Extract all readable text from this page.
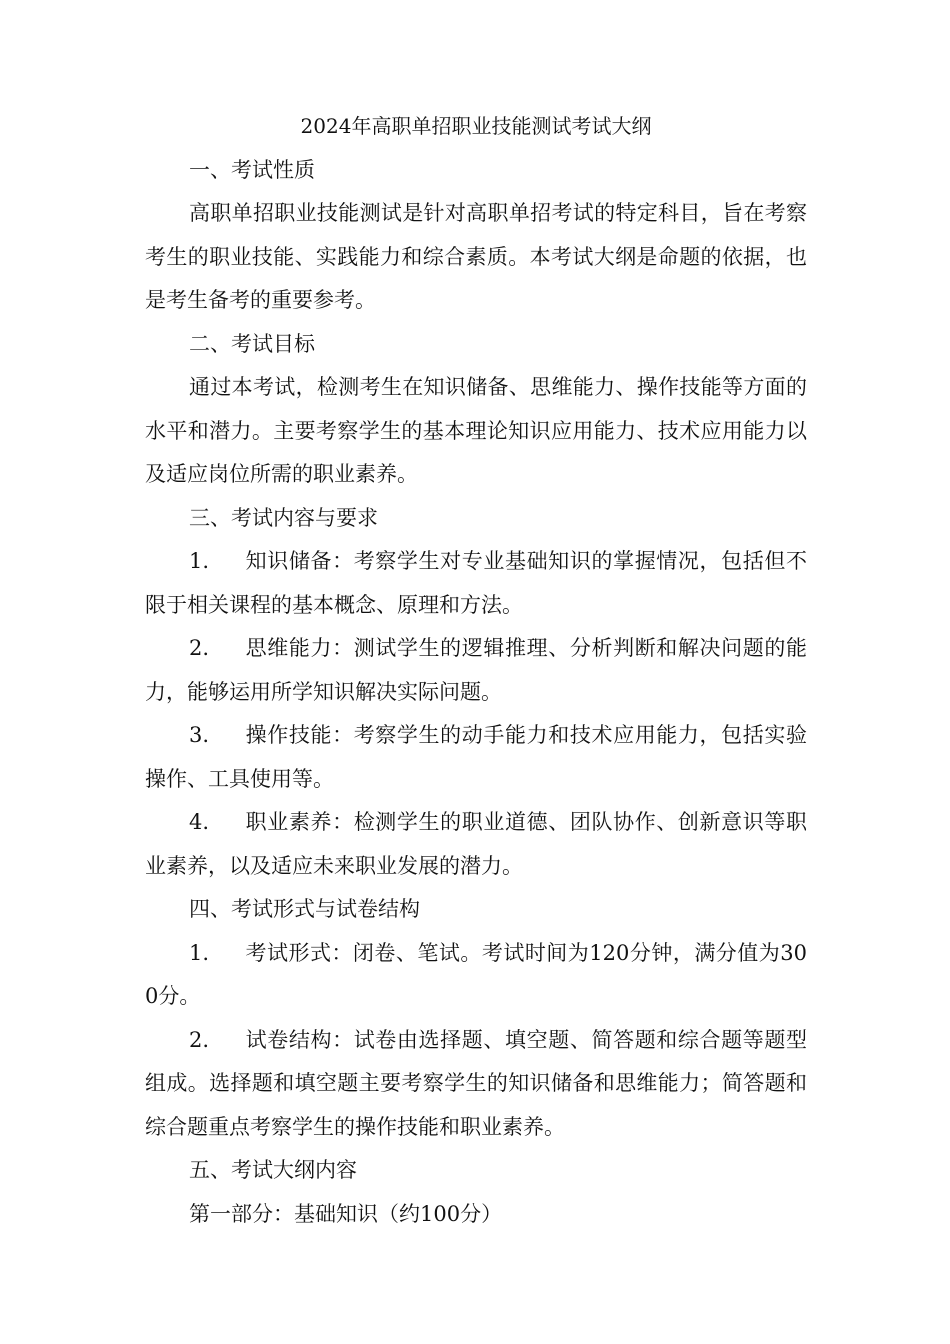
2024年高职单招职业技能测试考试大纲

一、考试性质

高职单招职业技能测试是针对高职单招考试的特定科目，旨在考察考生的职业技能、实践能力和综合素质。本考试大纲是命题的依据，也是考生备考的重要参考。

二、考试目标

通过本考试，检测考生在知识储备、思维能力、操作技能等方面的水平和潜力。主要考察学生的基本理论知识应用能力、技术应用能力以及适应岗位所需的职业素养。

三、考试内容与要求

1. 知识储备：考察学生对专业基础知识的掌握情况，包括但不限于相关课程的基本概念、原理和方法。

2. 思维能力：测试学生的逻辑推理、分析判断和解决问题的能力，能够运用所学知识解决实际问题。

3. 操作技能：考察学生的动手能力和技术应用能力，包括实验操作、工具使用等。

4. 职业素养：检测学生的职业道德、团队协作、创新意识等职业素养，以及适应未来职业发展的潜力。

四、考试形式与试卷结构

1. 考试形式：闭卷、笔试。考试时间为120分钟，满分值为300分。

2. 试卷结构：试卷由选择题、填空题、简答题和综合题等题型组成。选择题和填空题主要考察学生的知识储备和思维能力；简答题和综合题重点考察学生的操作技能和职业素养。

五、考试大纲内容

第一部分：基础知识（约100分）
